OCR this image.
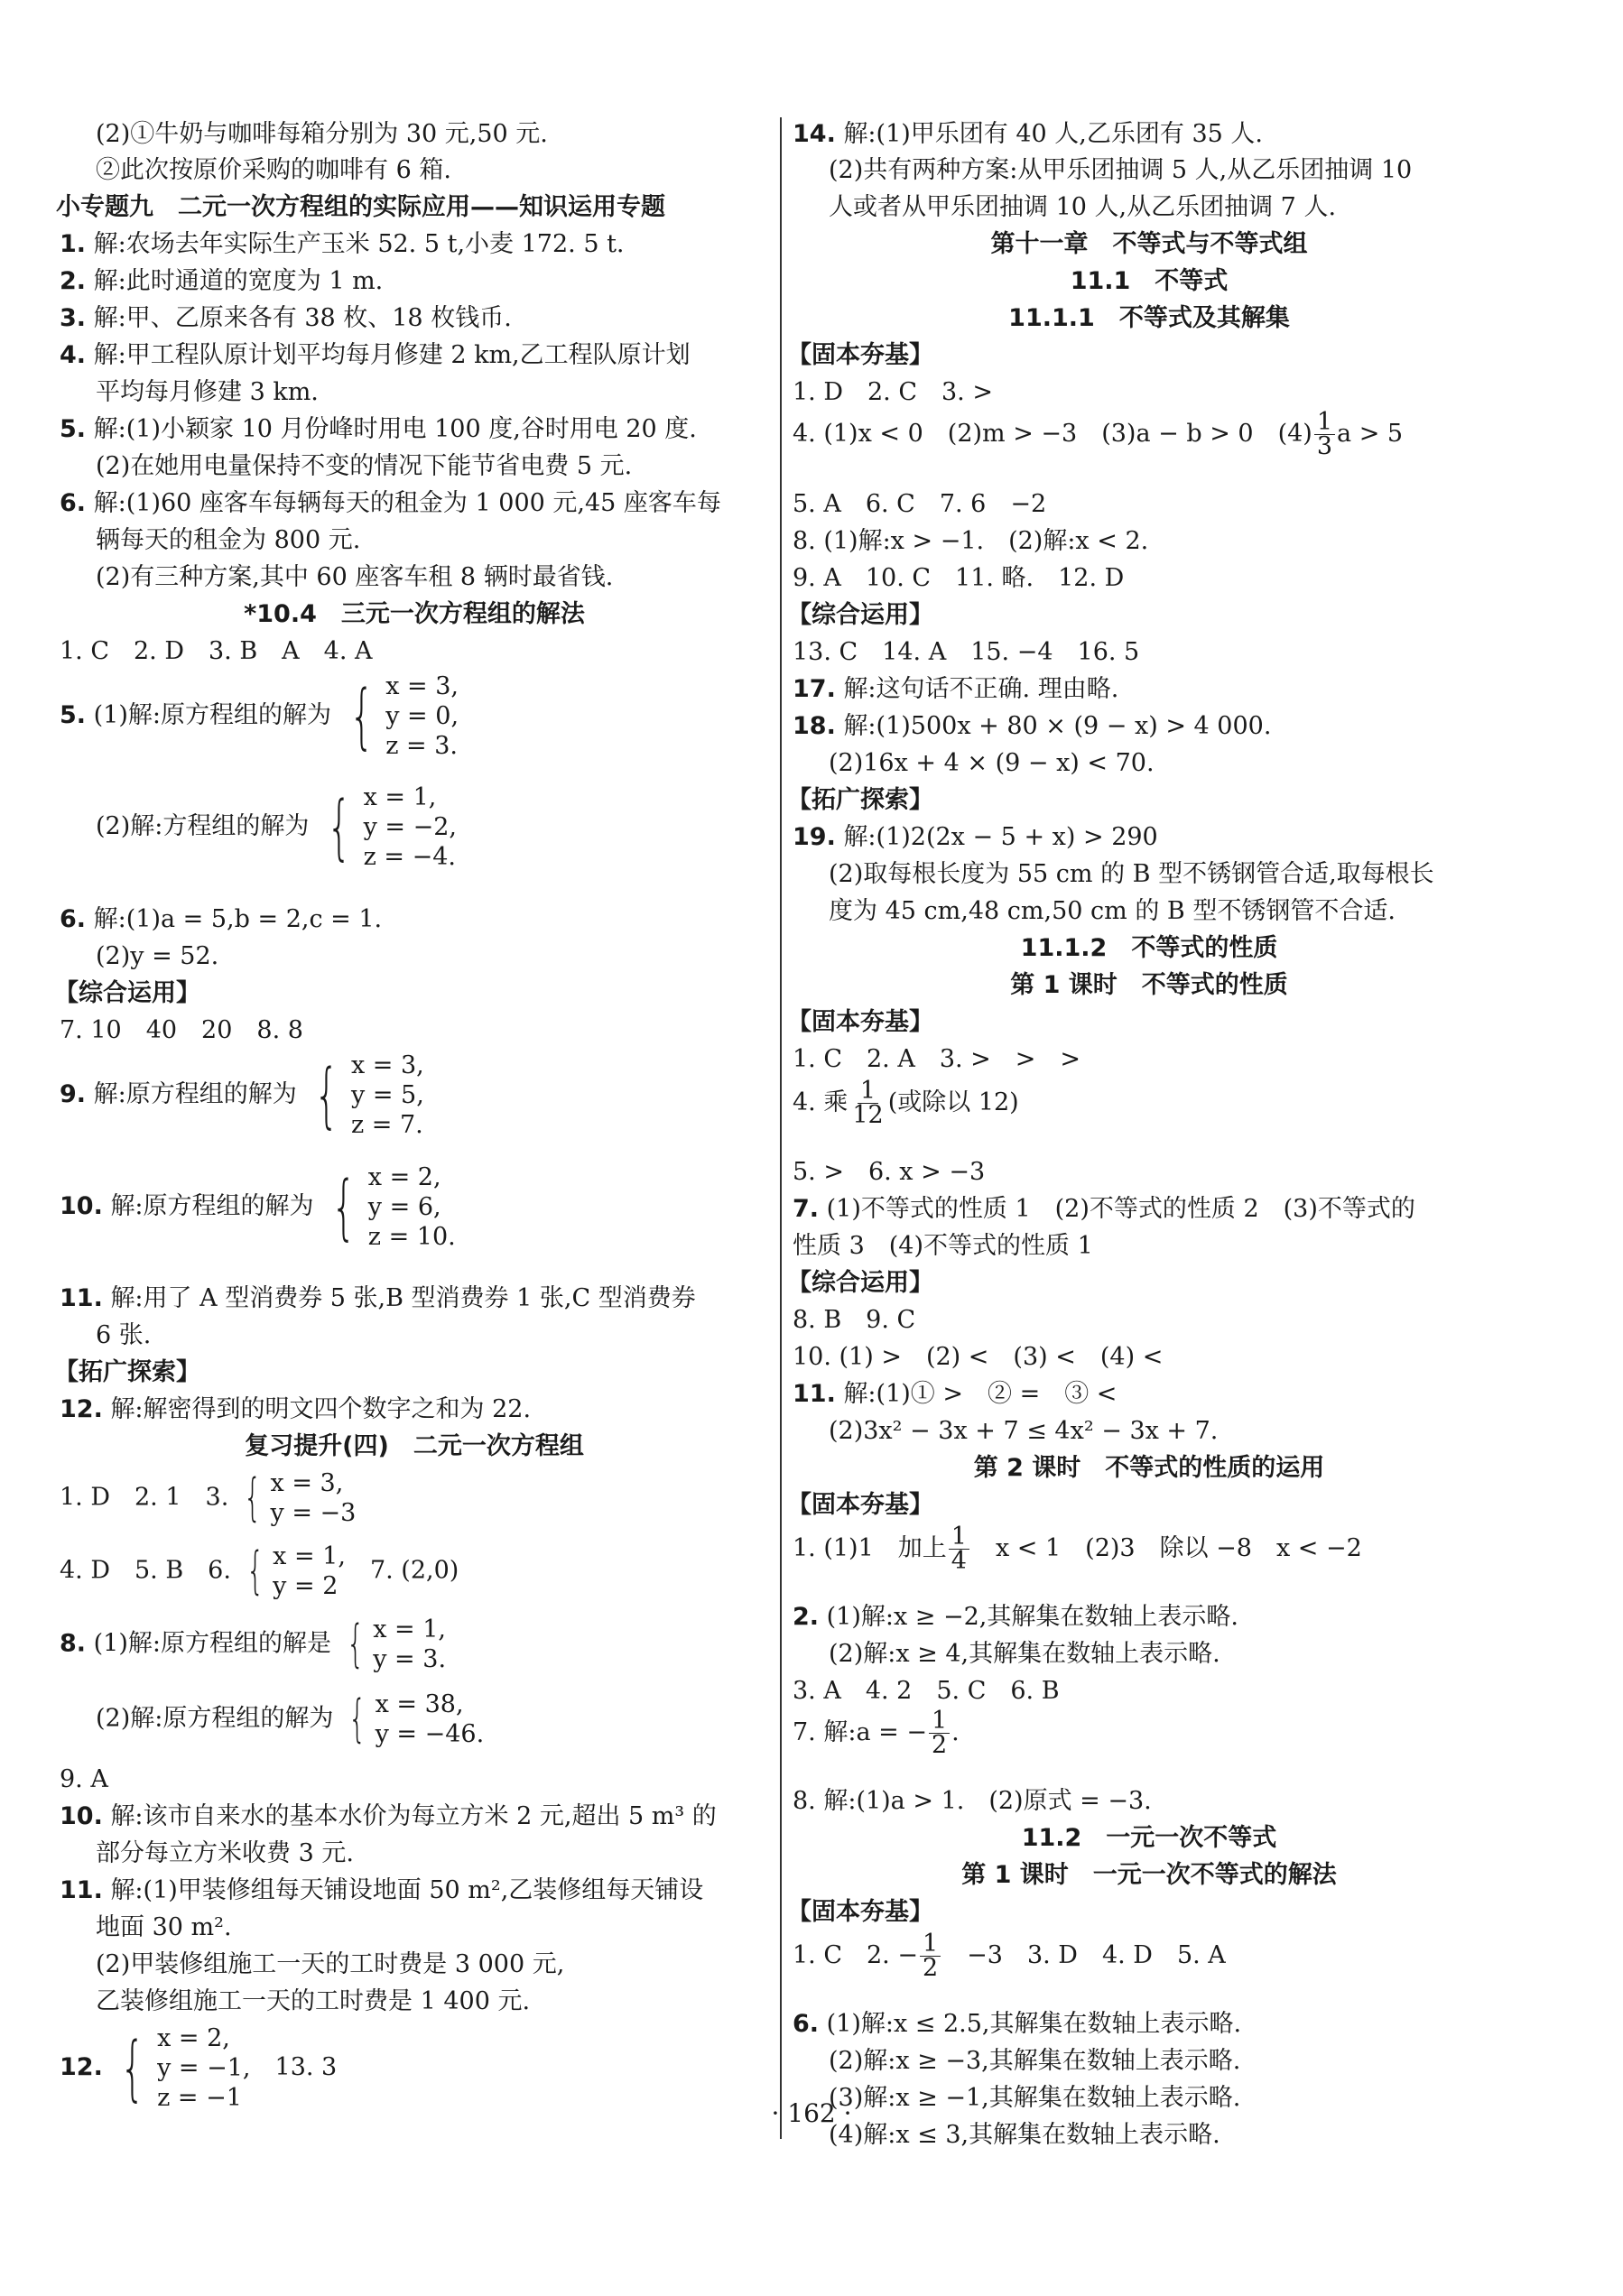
(2)①牛奶与咖啡每箱分别为 30 元,50 元.
②此次按原价采购的咖啡有 6 箱.
小专题九　二元一次方程组的实际应用——知识运用专题
1. 解:农场去年实际生产玉米 52. 5 t,小麦 172. 5 t.
2. 解:此时通道的宽度为 1 m.
3. 解:甲、乙原来各有 38 枚、18 枚钱币.
4. 解:甲工程队原计划平均每月修建 2 km,乙工程队原计划
平均每月修建 3 km.
5. 解:(1)小颖家 10 月份峰时用电 100 度,谷时用电 20 度.
(2)在她用电量保持不变的情况下能节省电费 5 元.
6. 解:(1)60 座客车每辆每天的租金为 1 000 元,45 座客车每
辆每天的租金为 800 元.
(2)有三种方案,其中 60 座客车租 8 辆时最省钱.
*10.4　三元一次方程组的解法
1. C　2. D　3. B　A　4. A
5. (1)解:原方程组的解为 { x = 3,
y = 0,
z = 3.
(2)解:方程组的解为 { x = 1,
y = −2,
z = −4.
6. 解:(1)a = 5,b = 2,c = 1.
(2)y = 52.
【综合运用】
7. 10　40　20　8. 8
9. 解:原方程组的解为 { x = 3,
y = 5,
z = 7.
10. 解:原方程组的解为 { x = 2,
y = 6,
z = 10.
11. 解:用了 A 型消费券 5 张,B 型消费券 1 张,C 型消费券
6 张.
【拓广探索】
12. 解:解密得到的明文四个数字之和为 22.
复习提升(四)　二元一次方程组
1. D　2. 1　3. { x = 3,
y = −3
4. D　5. B　6. { x = 1,
y = 2
　7. (2,0)
8. (1)解:原方程组的解是 { x = 1,
y = 3.
(2)解:原方程组的解为 { x = 38,
y = −46.
9. A
10. 解:该市自来水的基本水价为每立方米 2 元,超出 5 m³ 的
部分每立方米收费 3 元.
11. 解:(1)甲装修组每天铺设地面 50 m²,乙装修组每天铺设
地面 30 m².
(2)甲装修组施工一天的工时费是 3 000 元,
乙装修组施工一天的工时费是 1 400 元.
12. { x = 2,
y = −1,
z = −1
　13. 3
14. 解:(1)甲乐团有 40 人,乙乐团有 35 人.
(2)共有两种方案:从甲乐团抽调 5 人,从乙乐团抽调 10
人或者从甲乐团抽调 10 人,从乙乐团抽调 7 人.
第十一章　不等式与不等式组
11.1　不等式
11.1.1　不等式及其解集
【固本夯基】
1. D　2. C　3. >
4. (1)x < 0　(2)m > −3　(3)a − b > 0　$(4) \frac{1}{3}$ a > 5
5. A　6. C　7. 6　−2
8. (1)解:x > −1.　(2)解:x < 2.
9. A　10. C　11. 略.　12. D
【综合运用】
13. C　14. A　15. −4　16. 5
17. 解:这句话不正确. 理由略.
18. 解:(1)500x + 80 × (9 − x) > 4 000.
(2)16x + 4 × (9 − x) < 70.
【拓广探索】
19. 解:(1)2(2x − 5 + x) > 290
(2)取每根长度为 55 cm 的 B 型不锈钢管合适,取每根长
度为 45 cm,48 cm,50 cm 的 B 型不锈钢管不合适.
11.1.2　不等式的性质
第 1 课时　不等式的性质
【固本夯基】
1. C　2. A　3. >　>　>
4. 乘 $\frac{1}{12}$ (或除以 12)
5. >　6. x > −3
7. (1)不等式的性质 1　(2)不等式的性质 2　(3)不等式的
性质 3　(4)不等式的性质 1
【综合运用】
8. B　9. C
10. (1) >　(2) <　(3) <　(4) <
11. 解:(1)① >　② =　③ <
(2)3x² − 3x + 7 ≤ 4x² − 3x + 7.
第 2 课时　不等式的性质的运用
【固本夯基】
1. (1)1　加上 $\frac{1}{4}$ 　x < 1　(2)3　除以 −8　x < −2
2. (1)解:x ≥ −2,其解集在数轴上表示略.
(2)解:x ≥ 4,其解集在数轴上表示略.
3. A　4. 2　5. C　6. B
7. 解:a = − $\frac{1}{2}$ .
8. 解:(1)a > 1.　(2)原式 = −3.
11.2　一元一次不等式
第 1 课时　一元一次不等式的解法
【固本夯基】
1. C　2. − $\frac{1}{2}$ 　−3　3. D　4. D　5. A
6. (1)解:x ≤ 2.5,其解集在数轴上表示略.
(2)解:x ≥ −3,其解集在数轴上表示略.
(3)解:x ≥ −1,其解集在数轴上表示略.
(4)解:x ≤ 3,其解集在数轴上表示略.
· 162 ·
